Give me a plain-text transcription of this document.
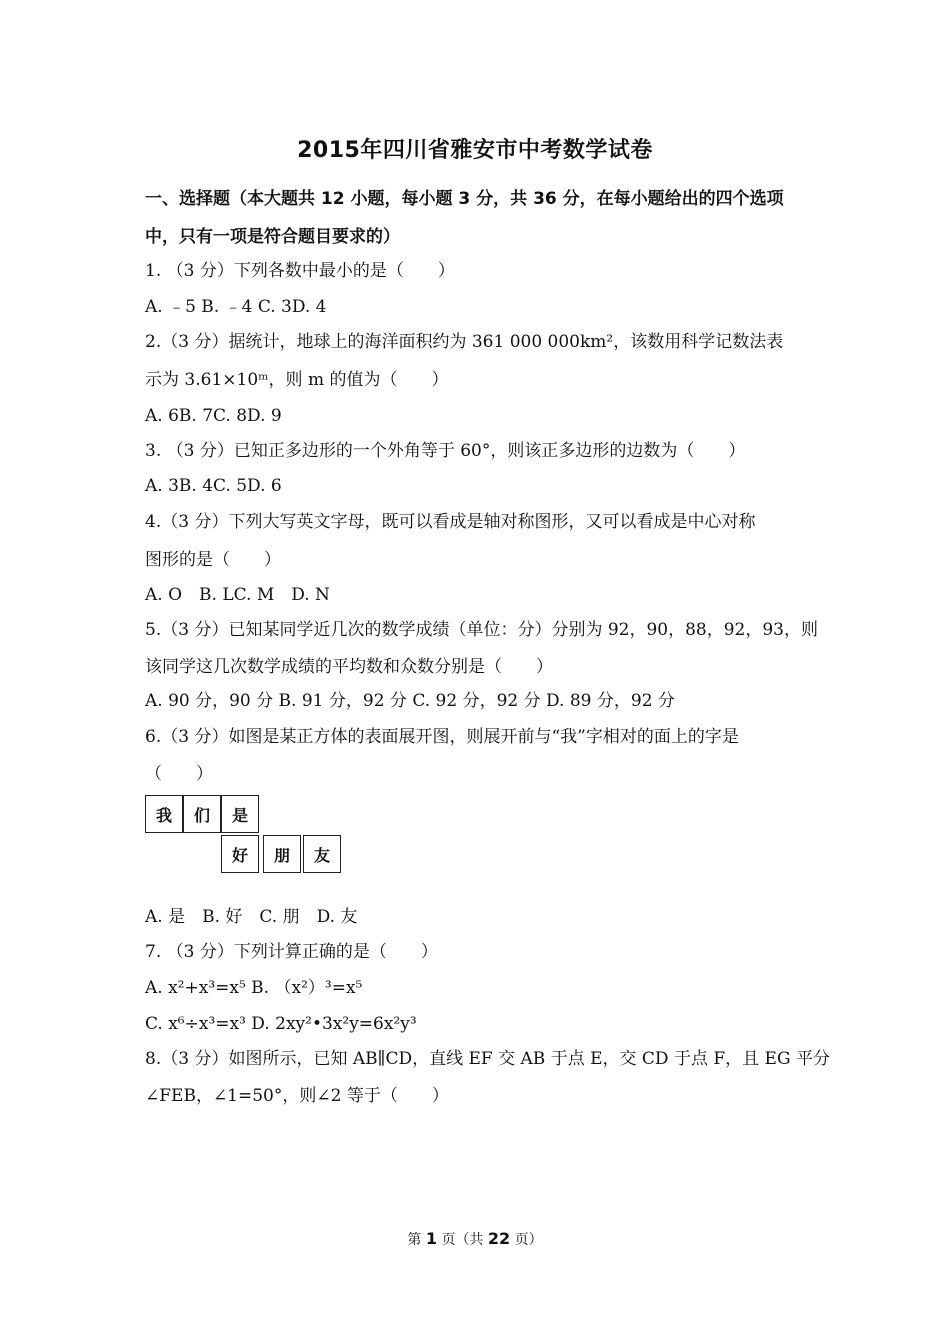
2015年四川省雅安市中考数学试卷
一、选择题（本大题共 12 小题，每小题 3 分，共 36 分，在每小题给出的四个选项
中，只有一项是符合题目要求的）
1. （3 分）下列各数中最小的是（　　）
A. ﹣5 B. ﹣4 C. 3D. 4
2.（3 分）据统计，地球上的海洋面积约为 361 000 000km²，该数用科学记数法表
示为 3.61×10ᵐ，则 m 的值为（　　）
A. 6B. 7C. 8D. 9
3. （3 分）已知正多边形的一个外角等于 60°，则该正多边形的边数为（　　）
A. 3B. 4C. 5D. 6
4.（3 分）下列大写英文字母，既可以看成是轴对称图形，又可以看成是中心对称
图形的是（　　）
A. O　B. LC. M　D. N
5.（3 分）已知某同学近几次的数学成绩（单位：分）分别为 92，90，88，92，93，则
该同学这几次数学成绩的平均数和众数分别是（　　）
A. 90 分，90 分 B. 91 分，92 分 C. 92 分，92 分 D. 89 分，92 分
6.（3 分）如图是某正方体的表面展开图，则展开前与“我”字相对的面上的字是
（　　）
我	们	是
好	朋	友
A. 是　B. 好　C. 朋　D. 友
7. （3 分）下列计算正确的是（　　）
A. x²+x³=x⁵ B. （x²）³=x⁵
C. x⁶÷x³=x³ D. 2xy²•3x²y=6x²y³
8.（3 分）如图所示，已知 AB∥CD，直线 EF 交 AB 于点 E，交 CD 于点 F，且 EG 平分
∠FEB，∠1=50°，则∠2 等于（　　）
第 1 页（共 22 页）
